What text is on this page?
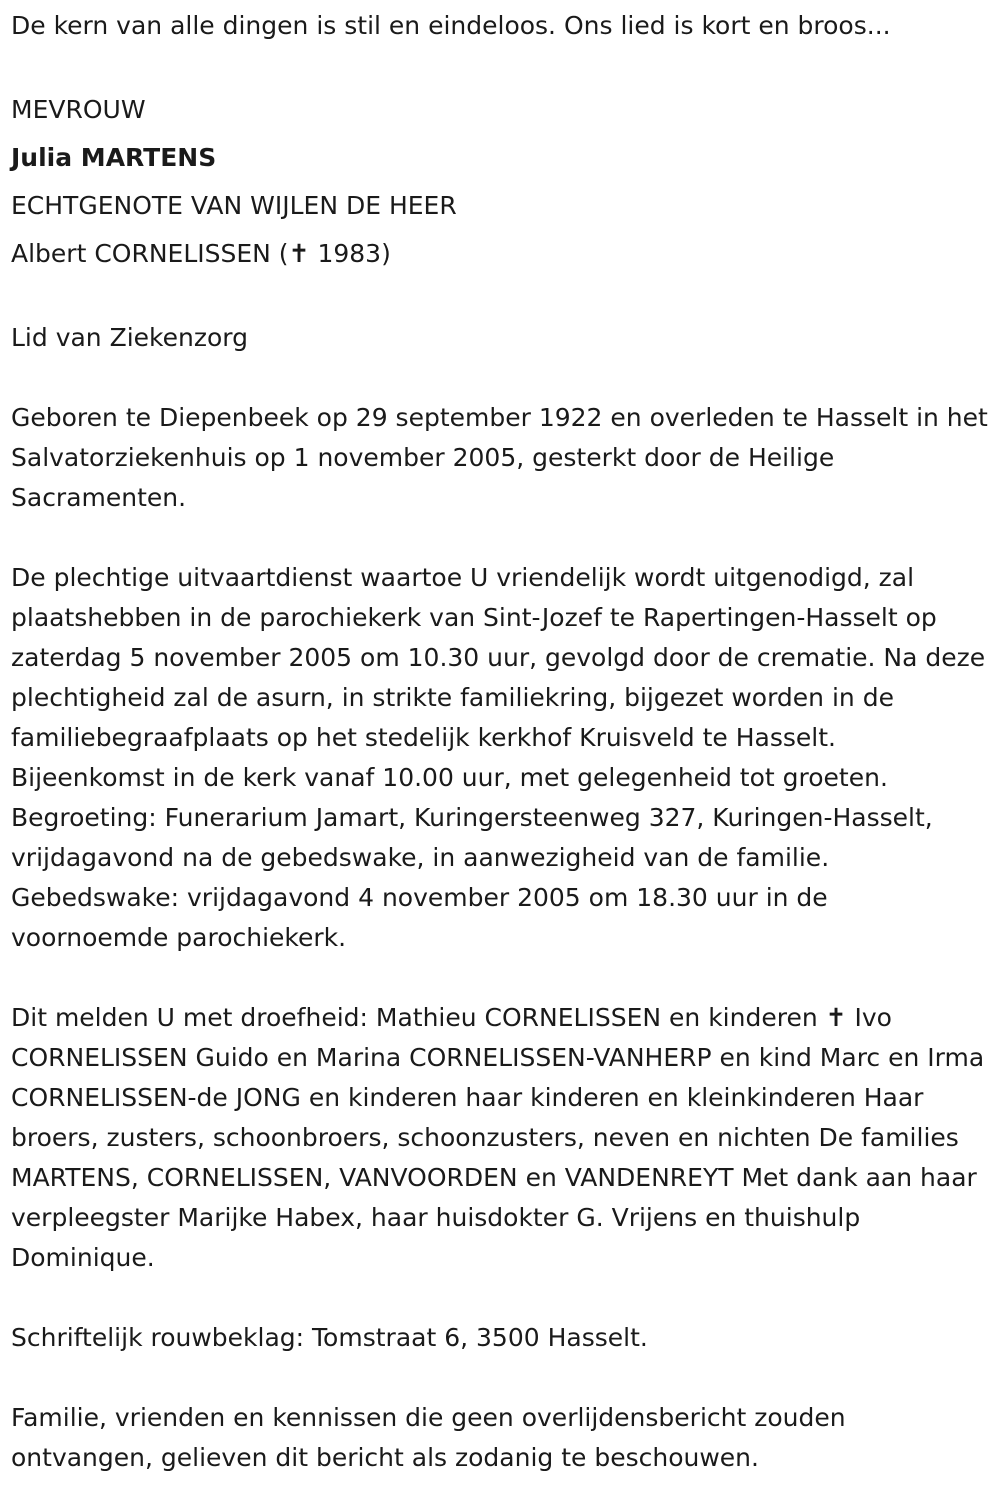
De kern van alle dingen is stil en eindeloos. Ons lied is kort en broos...

MEVROUW
Julia MARTENS
ECHTGENOTE VAN WIJLEN DE HEER
Albert CORNELISSEN (✝ 1983)

Lid van Ziekenzorg

Geboren te Diepenbeek op 29 september 1922 en overleden te Hasselt in het Salvatorziekenhuis op 1 november 2005, gesterkt door de Heilige Sacramenten.

De plechtige uitvaartdienst waartoe U vriendelijk wordt uitgenodigd, zal plaatshebben in de parochiekerk van Sint-Jozef te Rapertingen-Hasselt op zaterdag 5 november 2005 om 10.30 uur, gevolgd door de crematie. Na deze plechtigheid zal de asurn, in strikte familiekring, bijgezet worden in de familiebegraafplaats op het stedelijk kerkhof Kruisveld te Hasselt. Bijeenkomst in de kerk vanaf 10.00 uur, met gelegenheid tot groeten. Begroeting: Funerarium Jamart, Kuringersteenweg 327, Kuringen-Hasselt, vrijdagavond na de gebedswake, in aanwezigheid van de familie. Gebedswake: vrijdagavond 4 november 2005 om 18.30 uur in de voornoemde parochiekerk.

Dit melden U met droefheid: Mathieu CORNELISSEN en kinderen ✝ Ivo CORNELISSEN Guido en Marina CORNELISSEN-VANHERP en kind Marc en Irma CORNELISSEN-de JONG en kinderen haar kinderen en kleinkinderen Haar broers, zusters, schoonbroers, schoonzusters, neven en nichten De families MARTENS, CORNELISSEN, VANVOORDEN en VANDENREYT Met dank aan haar verpleegster Marijke Habex, haar huisdokter G. Vrijens en thuishulp Dominique.

Schriftelijk rouwbeklag: Tomstraat 6, 3500 Hasselt.

Familie, vrienden en kennissen die geen overlijdensbericht zouden ontvangen, gelieven dit bericht als zodanig te beschouwen.
